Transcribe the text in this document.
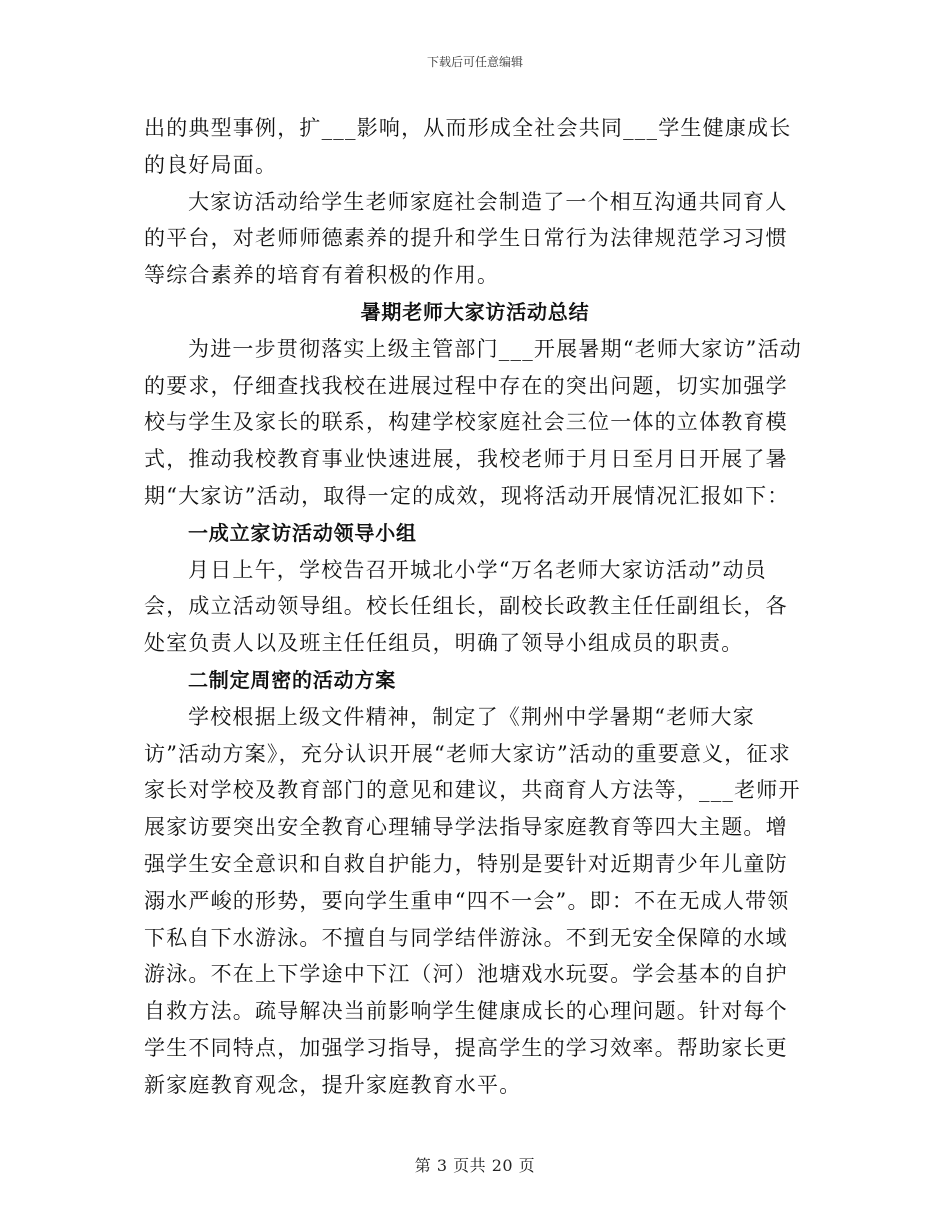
下载后可任意编辑

出的典型事例，扩___影响，从而形成全社会共同___学生健康成长的良好局面。

大家访活动给学生老师家庭社会制造了一个相互沟通共同育人的平台，对老师师德素养的提升和学生日常行为法律规范学习习惯等综合素养的培育有着积极的作用。

暑期老师大家访活动总结

为进一步贯彻落实上级主管部门___开展暑期“老师大家访”活动的要求，仔细查找我校在进展过程中存在的突出问题，切实加强学校与学生及家长的联系，构建学校家庭社会三位一体的立体教育模式，推动我校教育事业快速进展，我校老师于月日至月日开展了暑期“大家访”活动，取得一定的成效，现将活动开展情况汇报如下：

一成立家访活动领导小组

月日上午，学校告召开城北小学“万名老师大家访活动”动员会，成立活动领导组。校长任组长，副校长政教主任任副组长，各处室负责人以及班主任任组员，明确了领导小组成员的职责。

二制定周密的活动方案

学校根据上级文件精神，制定了《荆州中学暑期“老师大家访”活动方案》，充分认识开展“老师大家访”活动的重要意义，征求家长对学校及教育部门的意见和建议，共商育人方法等，___老师开展家访要突出安全教育心理辅导学法指导家庭教育等四大主题。增强学生安全意识和自救自护能力，特别是要针对近期青少年儿童防溺水严峻的形势，要向学生重申“四不一会”。即：不在无成人带领下私自下水游泳。不擅自与同学结伴游泳。不到无安全保障的水域游泳。不在上下学途中下江（河）池塘戏水玩耍。学会基本的自护自救方法。疏导解决当前影响学生健康成长的心理问题。针对每个学生不同特点，加强学习指导，提高学生的学习效率。帮助家长更新家庭教育观念，提升家庭教育水平。

第 3 页共 20 页
